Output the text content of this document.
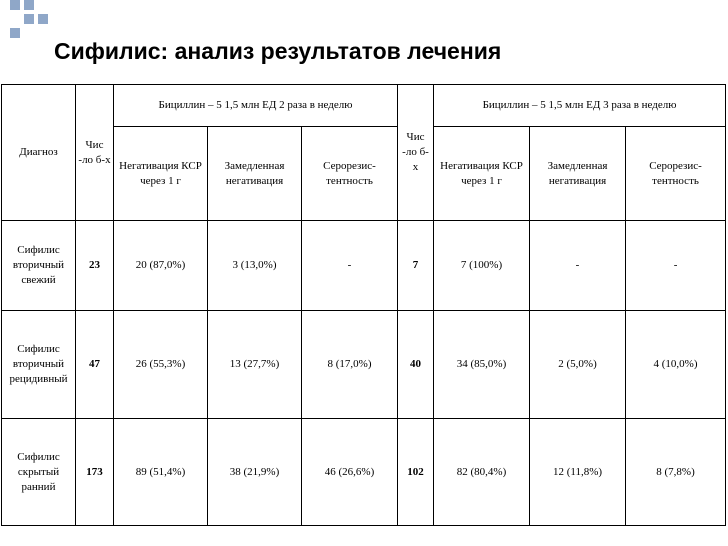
Сифилис: анализ результатов лечения
Диагноз	Чис -ло б-х	Бициллин – 5 1,5 млн ЕД 2 раза в неделю			Чис -ло б-х	Бициллин – 5 1,5 млн ЕД 3 раза в неделю		
		Негативация КСР через 1 г	Замедленная негативация	Серорезис-тентность		Негативация КСР через 1 г	Замедленная негативация	Серорезис-тентность
Сифилис вторичный свежий	23	20 (87,0%)	3 (13,0%)	-	7	7 (100%)	-	-
Сифилис вторичный рецидивный	47	26 (55,3%)	13 (27,7%)	8 (17,0%)	40	34 (85,0%)	2 (5,0%)	4 (10,0%)
Сифилис скрытый ранний	173	89 (51,4%)	38 (21,9%)	46 (26,6%)	102	82 (80,4%)	12 (11,8%)	8 (7,8%)
